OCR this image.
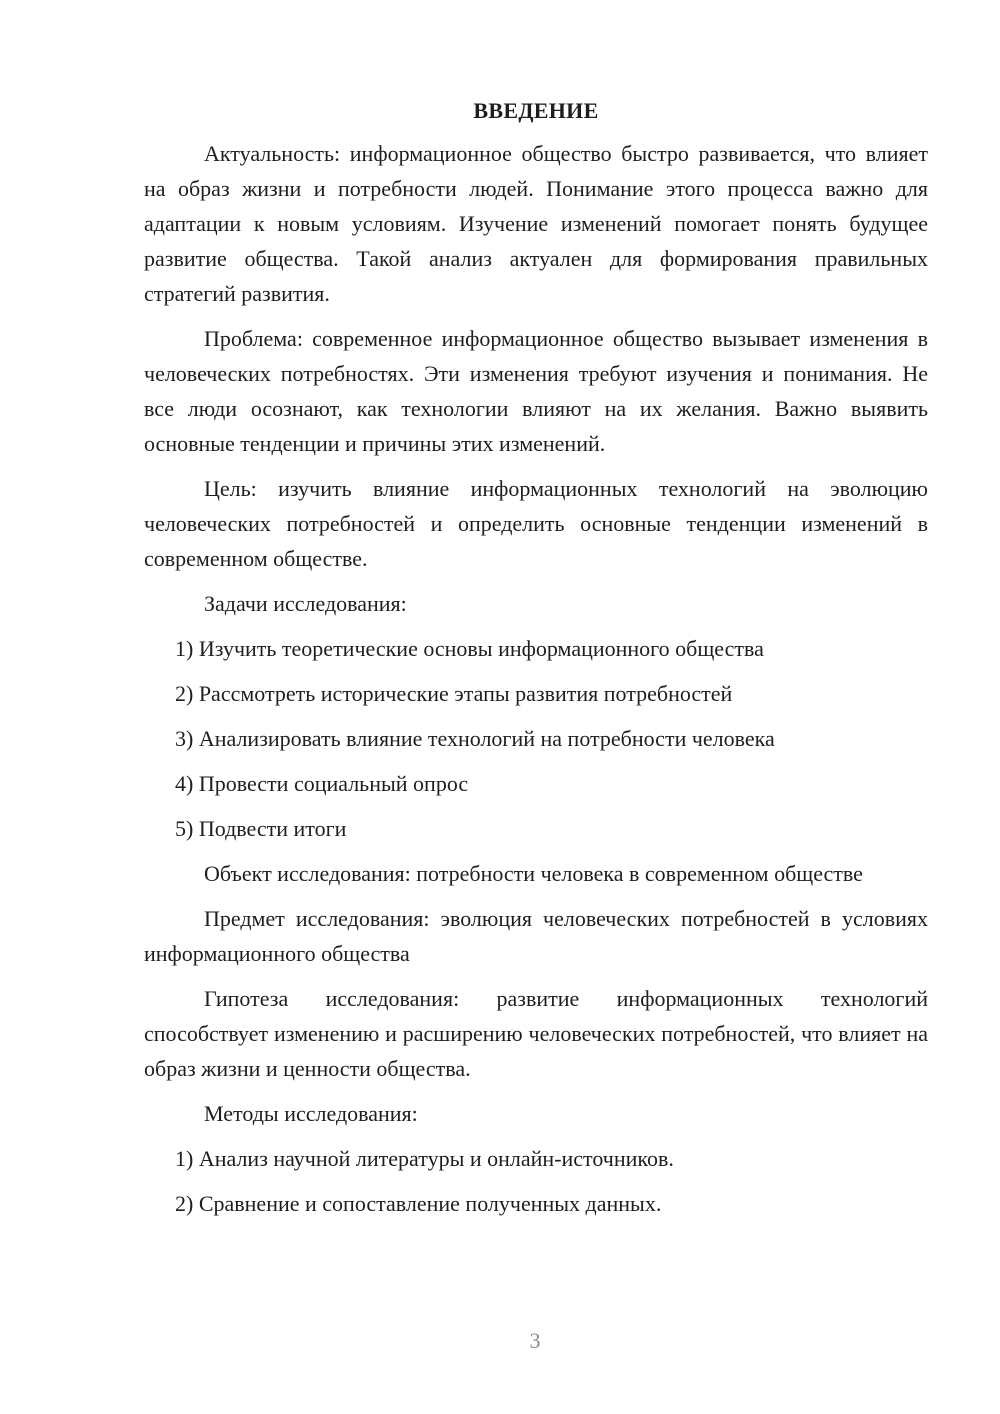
ВВЕДЕНИЕ

Актуальность: информационное общество быстро развивается, что влияет на образ жизни и потребности людей. Понимание этого процесса важно для адаптации к новым условиям. Изучение изменений помогает понять будущее развитие общества. Такой анализ актуален для формирования правильных стратегий развития.

Проблема: современное информационное общество вызывает изменения в человеческих потребностях. Эти изменения требуют изучения и понимания. Не все люди осознают, как технологии влияют на их желания. Важно выявить основные тенденции и причины этих изменений.

Цель: изучить влияние информационных технологий на эволюцию человеческих потребностей и определить основные тенденции изменений в современном обществе.

Задачи исследования:

1) Изучить теоретические основы информационного общества

2) Рассмотреть исторические этапы развития потребностей

3) Анализировать влияние технологий на потребности человека

4) Провести социальный опрос

5) Подвести итоги

Объект исследования: потребности человека в современном обществе

Предмет исследования: эволюция человеческих потребностей в условиях информационного общества

Гипотеза исследования: развитие информационных технологий способствует изменению и расширению человеческих потребностей, что влияет на образ жизни и ценности общества.

Методы исследования:

1) Анализ научной литературы и онлайн-источников.

2) Сравнение и сопоставление полученных данных.

3
